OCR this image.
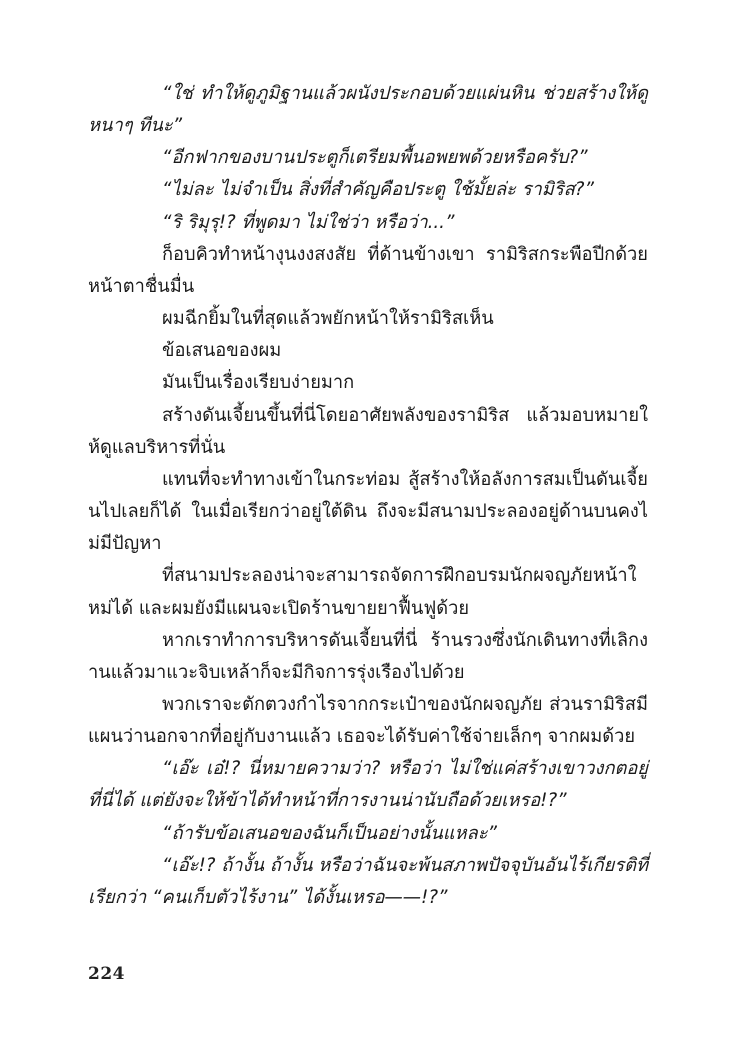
“ใช่ ทำให้ดูภูมิฐานแล้วผนังประกอบด้วยแผ่นหิน ช่วยสร้างให้ดูหนาๆ ทีนะ”

“อีกฟากของบานประตูก็เตรียมพื้นอพยพด้วยหรือครับ?”

“ไม่ละ ไม่จำเป็น สิ่งที่สำคัญคือประตู ใช้มั้ยล่ะ รามิริส?”

“ริ ริมุรุ!? ที่พูดมา ไม่ใช่ว่า หรือว่า...”

ก็อบคิวทำหน้างุนงงสงสัย ที่ด้านข้างเขา รามิริสกระพือปีกด้วยหน้าตาชื่นมื่น

ผมฉีกยิ้มในที่สุดแล้วพยักหน้าให้รามิริสเห็น

ข้อเสนอของผม

มันเป็นเรื่องเรียบง่ายมาก

สร้างดันเจี้ยนขึ้นที่นี่โดยอาศัยพลังของรามิริส แล้วมอบหมายให้ดูแลบริหารที่นั่น

แทนที่จะทำทางเข้าในกระท่อม สู้สร้างให้อลังการสมเป็นดันเจี้ยนไปเลยก็ได้ ในเมื่อเรียกว่าอยู่ใต้ดิน ถึงจะมีสนามประลองอยู่ด้านบนคงไม่มีปัญหา

ที่สนามประลองน่าจะสามารถจัดการฝึกอบรมนักผจญภัยหน้าใหม่ได้ และผมยังมีแผนจะเปิดร้านขายยาฟื้นฟูด้วย

หากเราทำการบริหารดันเจี้ยนที่นี่ ร้านรวงซึ่งนักเดินทางที่เลิกงานแล้วมาแวะจิบเหล้าก็จะมีกิจการรุ่งเรืองไปด้วย

พวกเราจะตักตวงกำไรจากกระเป๋าของนักผจญภัย ส่วนรามิริสมีแผนว่านอกจากที่อยู่กับงานแล้ว เธอจะได้รับค่าใช้จ่ายเล็กๆ จากผมด้วย

“เอ๊ะ เอ๋!? นี่หมายความว่า? หรือว่า ไม่ใช่แค่สร้างเขาวงกตอยู่ที่นี่ได้ แต่ยังจะให้ข้าได้ทำหน้าที่การงานน่านับถือด้วยเหรอ!?”

“ถ้ารับข้อเสนอของฉันก็เป็นอย่างนั้นแหละ”

“เอ๊ะ!? ถ้างั้น ถ้างั้น หรือว่าฉันจะพ้นสภาพปัจจุบันอันไร้เกียรติที่เรียกว่า “คนเก็บตัวไร้งาน” ได้งั้นเหรอ——!?”

224
